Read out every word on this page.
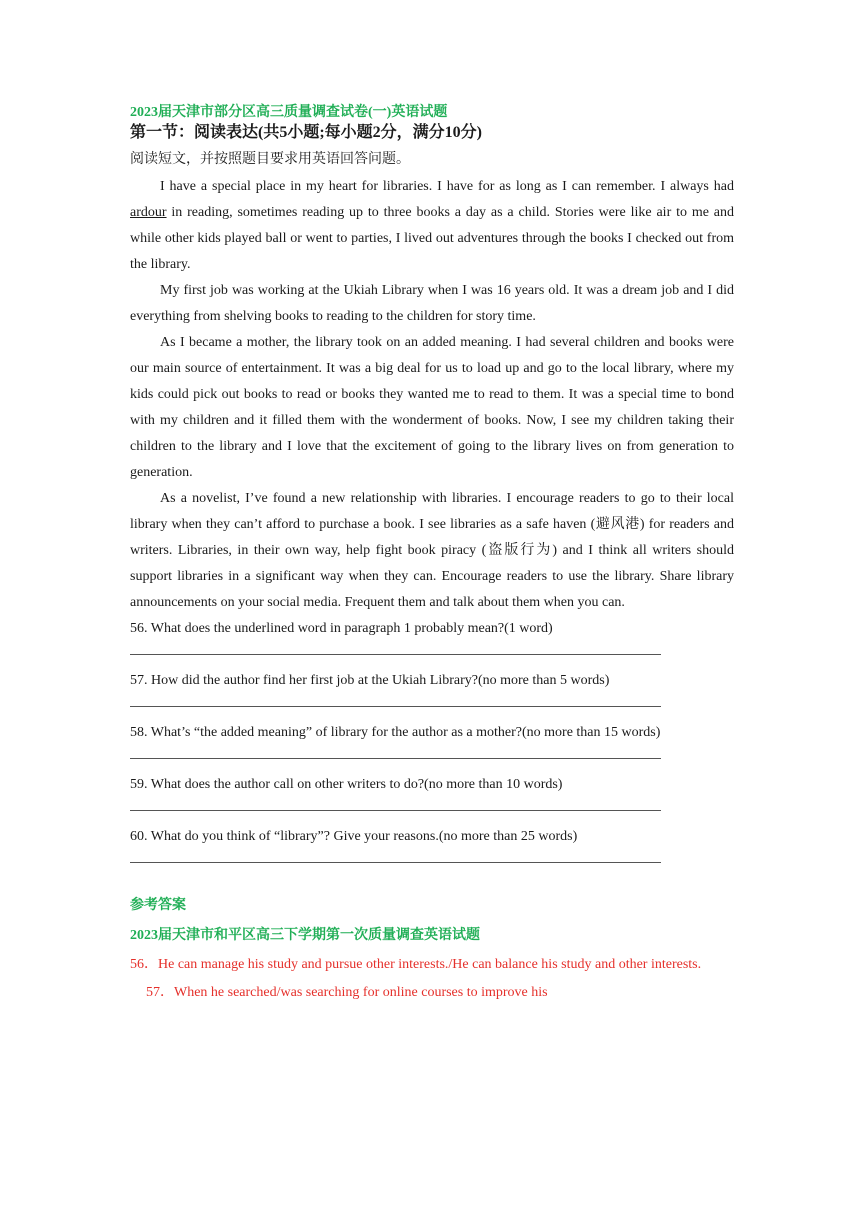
2023届天津市部分区高三质量调查试卷(一)英语试题

第一节：阅读表达(共5小题;每小题2分，满分10分)

阅读短文，并按照题目要求用英语回答问题。

I have a special place in my heart for libraries. I have for as long as I can remember. I always had ardour in reading, sometimes reading up to three books a day as a child. Stories were like air to me and while other kids played ball or went to parties, I lived out adventures through the books I checked out from the library.

My first job was working at the Ukiah Library when I was 16 years old. It was a dream job and I did everything from shelving books to reading to the children for story time.

As I became a mother, the library took on an added meaning. I had several children and books were our main source of entertainment. It was a big deal for us to load up and go to the local library, where my kids could pick out books to read or books they wanted me to read to them. It was a special time to bond with my children and it filled them with the wonderment of books. Now, I see my children taking their children to the library and I love that the excitement of going to the library lives on from generation to generation.

As a novelist, I’ve found a new relationship with libraries. I encourage readers to go to their local library when they can’t afford to purchase a book. I see libraries as a safe haven (避风港) for readers and writers. Libraries, in their own way, help fight book piracy (盗版行为) and I think all writers should support libraries in a significant way when they can. Encourage readers to use the library. Share library announcements on your social media. Frequent them and talk about them when you can.

56. What does the underlined word in paragraph 1 probably mean?(1 word)

57. How did the author find her first job at the Ukiah Library?(no more than 5 words)

58. What’s “the added meaning” of library for the author as a mother?(no more than 15 words)

59. What does the author call on other writers to do?(no more than 10 words)

60. What do you think of “library”? Give your reasons.(no more than 25 words)

参考答案

2023届天津市和平区高三下学期第一次质量调查英语试题

56．He can manage his study and pursue other interests./He can balance his study and other interests.

57．When he searched/was searching for online courses to improve his
